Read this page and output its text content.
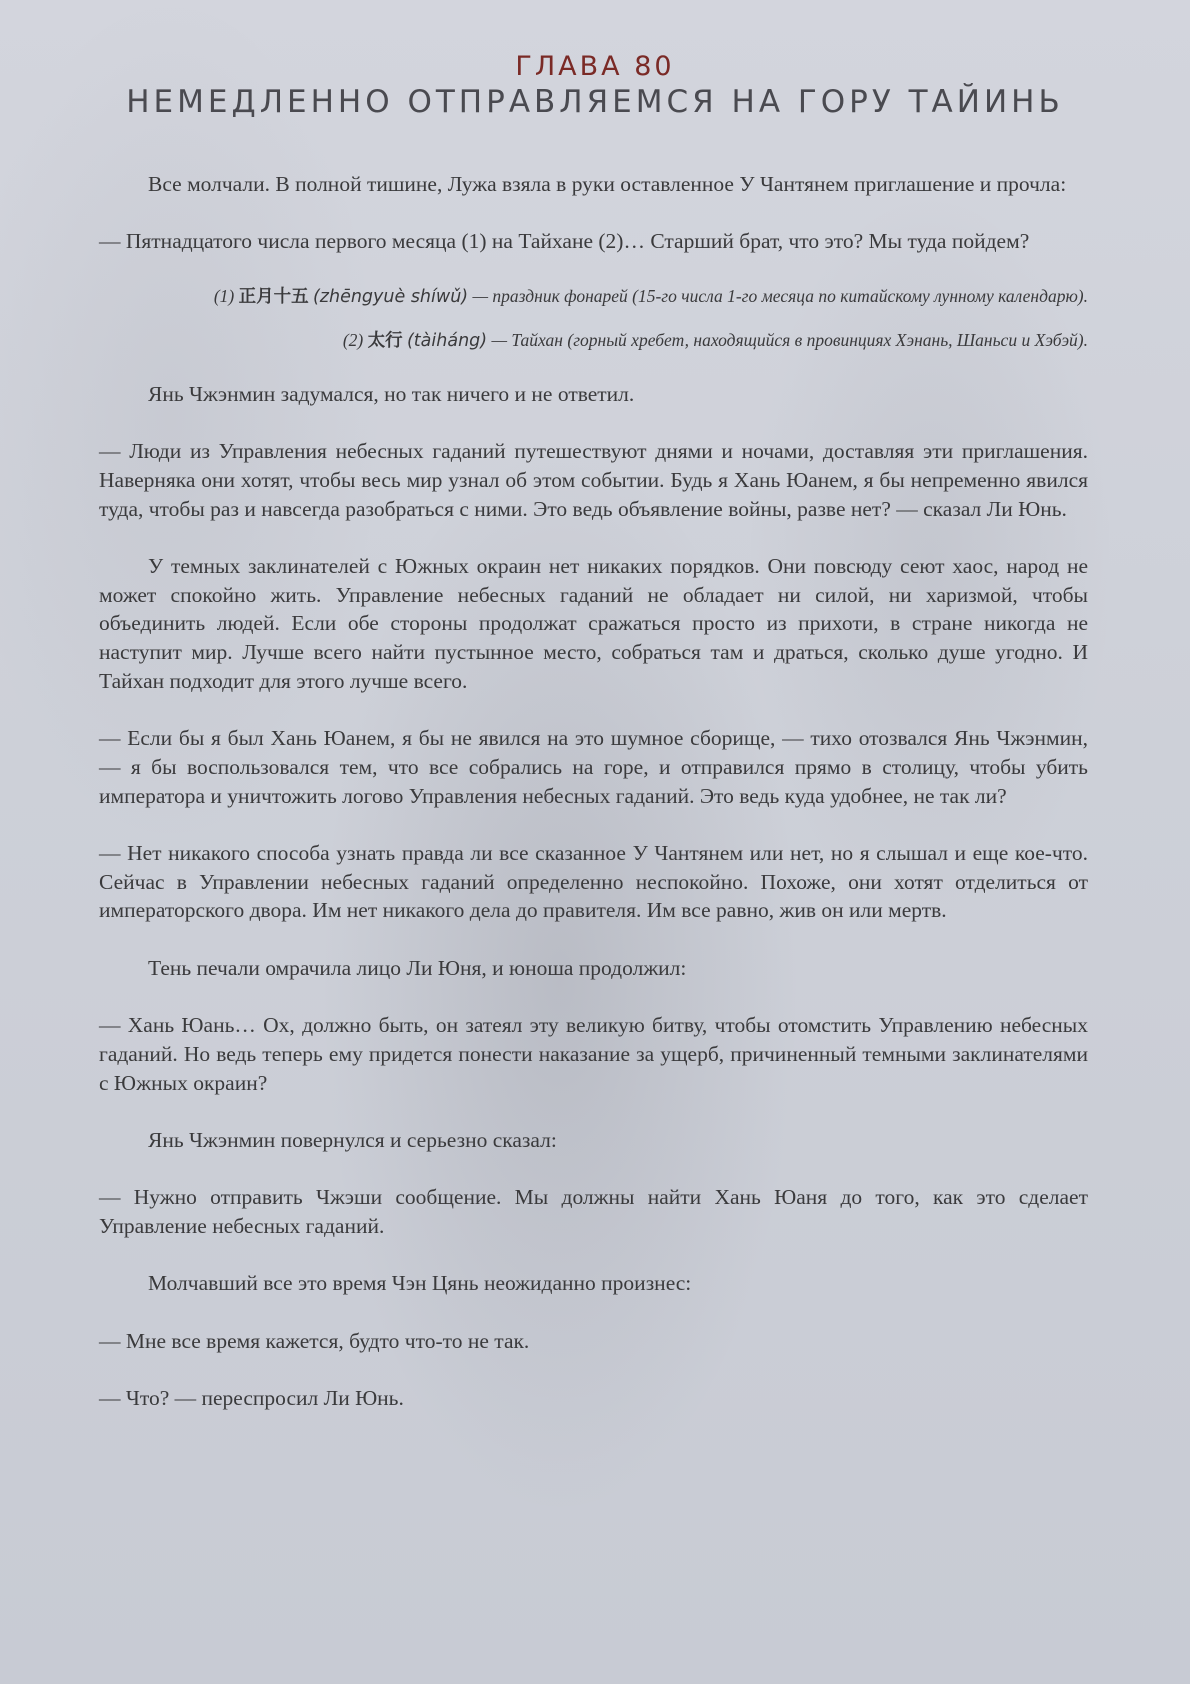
ГЛАВА 80
НЕМЕДЛЕННО ОТПРАВЛЯЕМСЯ НА ГОРУ ТАЙИНЬ

Все молчали. В полной тишине, Лужа взяла в руки оставленное У Чантянем приглашение и прочла:

— Пятнадцатого числа первого месяца (1) на Тайхане (2)… Старший брат, что это? Мы туда пойдем?

(1) 正月十五 (zhēngyuè shíwǔ) — праздник фонарей (15-го числа 1-го месяца по китайскому лунному календарю).

(2) 太行 (tàiháng) — Тайхан (горный хребет, находящийся в провинциях Хэнань, Шаньси и Хэбэй).

Янь Чжэнмин задумался, но так ничего и не ответил.

— Люди из Управления небесных гаданий путешествуют днями и ночами, доставляя эти приглашения. Наверняка они хотят, чтобы весь мир узнал об этом событии. Будь я Хань Юанем, я бы непременно явился туда, чтобы раз и навсегда разобраться с ними. Это ведь объявление войны, разве нет? — сказал Ли Юнь.

У темных заклинателей с Южных окраин нет никаких порядков. Они повсюду сеют хаос, народ не может спокойно жить. Управление небесных гаданий не обладает ни силой, ни харизмой, чтобы объединить людей. Если обе стороны продолжат сражаться просто из прихоти, в стране никогда не наступит мир. Лучше всего найти пустынное место, собраться там и драться, сколько душе угодно. И Тайхан подходит для этого лучше всего.

— Если бы я был Хань Юанем, я бы не явился на это шумное сборище, — тихо отозвался Янь Чжэнмин, — я бы воспользовался тем, что все собрались на горе, и отправился прямо в столицу, чтобы убить императора и уничтожить логово Управления небесных гаданий. Это ведь куда удобнее, не так ли?

— Нет никакого способа узнать правда ли все сказанное У Чантянем или нет, но я слышал и еще кое-что. Сейчас в Управлении небесных гаданий определенно неспокойно. Похоже, они хотят отделиться от императорского двора. Им нет никакого дела до правителя. Им все равно, жив он или мертв.

Тень печали омрачила лицо Ли Юня, и юноша продолжил:

— Хань Юань… Ох, должно быть, он затеял эту великую битву, чтобы отомстить Управлению небесных гаданий. Но ведь теперь ему придется понести наказание за ущерб, причиненный темными заклинателями с Южных окраин?

Янь Чжэнмин повернулся и серьезно сказал:

— Нужно отправить Чжэши сообщение. Мы должны найти Хань Юаня до того, как это сделает Управление небесных гаданий.

Молчавший все это время Чэн Цянь неожиданно произнес:

— Мне все время кажется, будто что-то не так.

— Что? — переспросил Ли Юнь.
